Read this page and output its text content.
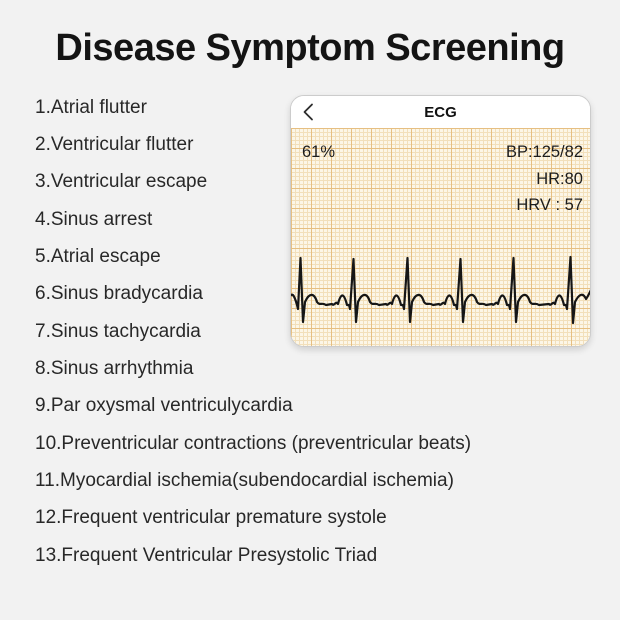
Disease Symptom Screening
1.Atrial flutter
2.Ventricular flutter
3.Ventricular escape
4.Sinus arrest
5.Atrial escape
6.Sinus bradycardia
7.Sinus tachycardia
8.Sinus arrhythmia
9.Par oxysmal ventriculycardia
10.Preventricular contractions (preventricular beats)
11.Myocardial ischemia(subendocardial ischemia)
12.Frequent ventricular premature systole
13.Frequent Ventricular Presystolic Triad
ECG
61%	BP:125/82
HR:80
HRV : 57
